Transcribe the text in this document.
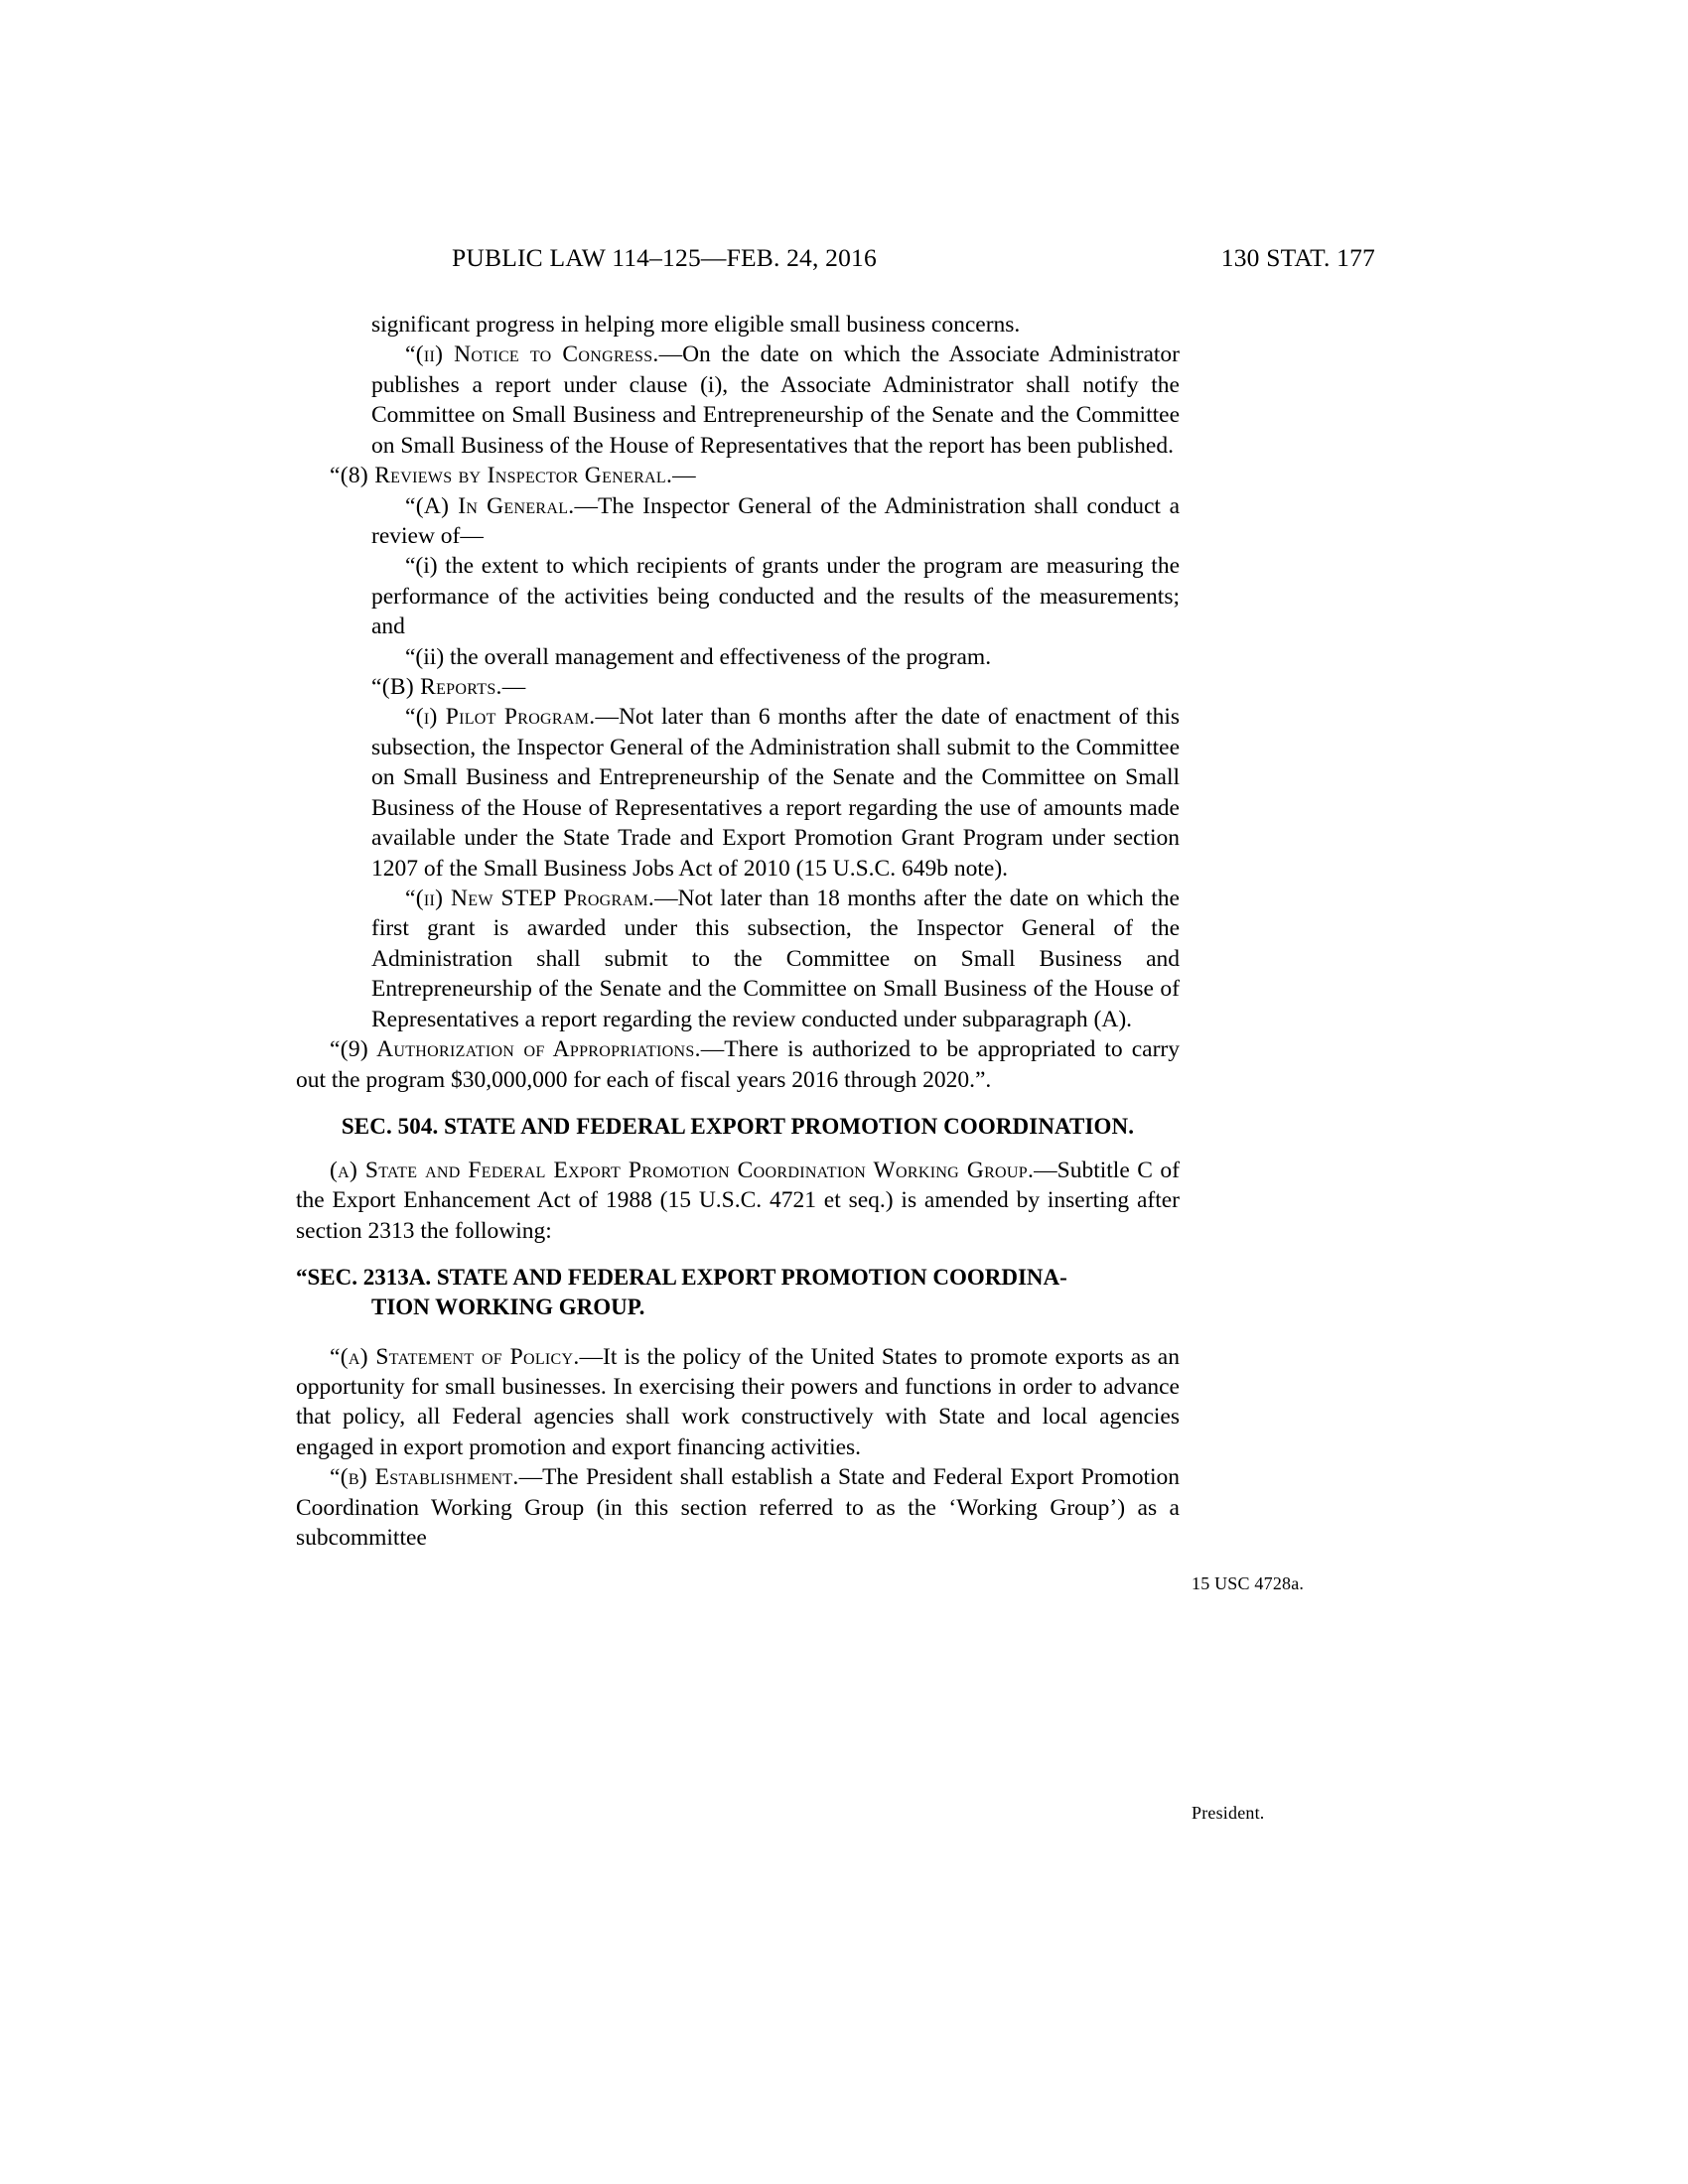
PUBLIC LAW 114–125—FEB. 24, 2016	130 STAT. 177

significant progress in helping more eligible small business concerns.

“(ii) Notice to Congress.—On the date on which the Associate Administrator publishes a report under clause (i), the Associate Administrator shall notify the Committee on Small Business and Entrepreneurship of the Senate and the Committee on Small Business of the House of Representatives that the report has been published.

“(8) Reviews by Inspector General.—

“(A) In General.—The Inspector General of the Administration shall conduct a review of—

“(i) the extent to which recipients of grants under the program are measuring the performance of the activities being conducted and the results of the measurements; and

“(ii) the overall management and effectiveness of the program.

“(B) Reports.—

“(i) Pilot Program.—Not later than 6 months after the date of enactment of this subsection, the Inspector General of the Administration shall submit to the Committee on Small Business and Entrepreneurship of the Senate and the Committee on Small Business of the House of Representatives a report regarding the use of amounts made available under the State Trade and Export Promotion Grant Program under section 1207 of the Small Business Jobs Act of 2010 (15 U.S.C. 649b note).

“(ii) New STEP Program.—Not later than 18 months after the date on which the first grant is awarded under this subsection, the Inspector General of the Administration shall submit to the Committee on Small Business and Entrepreneurship of the Senate and the Committee on Small Business of the House of Representatives a report regarding the review conducted under subparagraph (A).

“(9) Authorization of Appropriations.—There is authorized to be appropriated to carry out the program $30,000,000 for each of fiscal years 2016 through 2020.”.

SEC. 504. STATE AND FEDERAL EXPORT PROMOTION COORDINATION.

(a) State and Federal Export Promotion Coordination Working Group.—Subtitle C of the Export Enhancement Act of 1988 (15 U.S.C. 4721 et seq.) is amended by inserting after section 2313 the following:

“SEC. 2313A. STATE AND FEDERAL EXPORT PROMOTION COORDINA-

TION WORKING GROUP.

“(a) Statement of Policy.—It is the policy of the United States to promote exports as an opportunity for small businesses. In exercising their powers and functions in order to advance that policy, all Federal agencies shall work constructively with State and local agencies engaged in export promotion and export financing activities.

“(b) Establishment.—The President shall establish a State and Federal Export Promotion Coordination Working Group (in this section referred to as the ‘Working Group’) as a subcommittee

15 USC 4728a.
President.
